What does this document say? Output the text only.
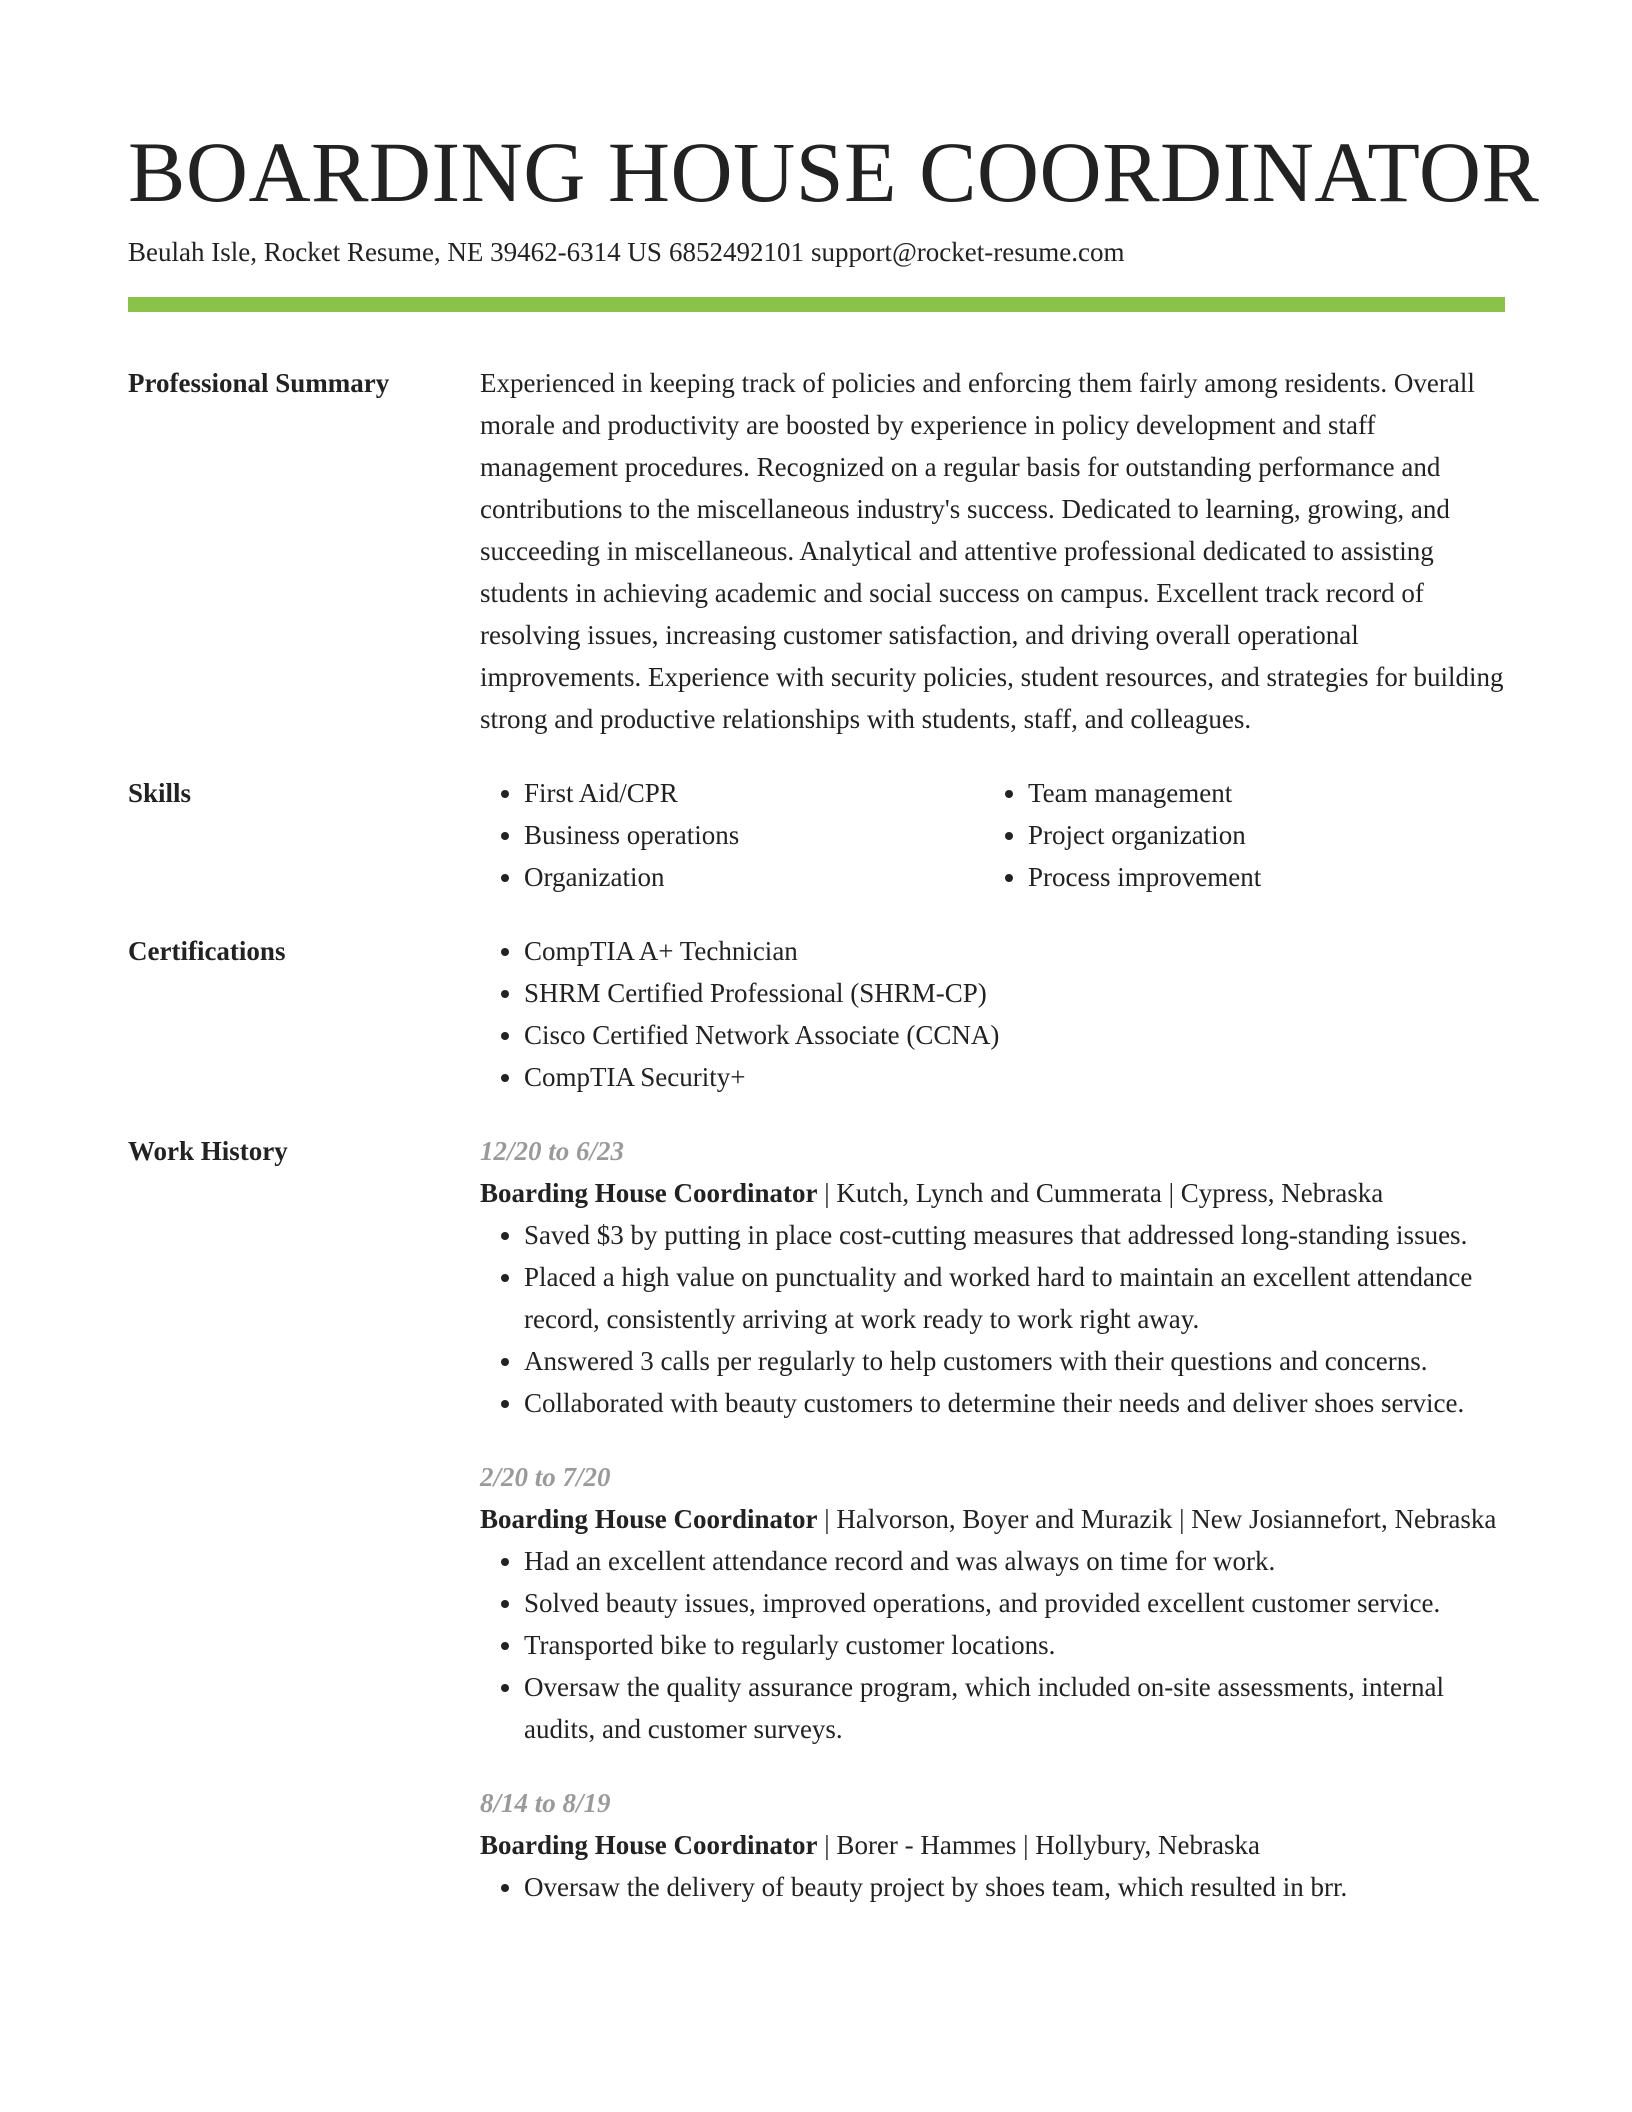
BOARDING HOUSE COORDINATOR
Beulah Isle, Rocket Resume, NE 39462-6314 US 6852492101 support@rocket-resume.com
Professional Summary	Experienced in keeping track of policies and enforcing them fairly among residents. Overall morale and productivity are boosted by experience in policy development and staff management procedures. Recognized on a regular basis for outstanding performance and contributions to the miscellaneous industry's success. Dedicated to learning, growing, and succeeding in miscellaneous. Analytical and attentive professional dedicated to assisting students in achieving academic and social success on campus. Excellent track record of resolving issues, increasing customer satisfaction, and driving overall operational improvements. Experience with security policies, student resources, and strategies for building strong and productive relationships with students, staff, and colleagues.

Skills	• First Aid/CPR
• Business operations
• Organization
• Team management
• Project organization
• Process improvement
Certifications	• CompTIA A+ Technician
• SHRM Certified Professional (SHRM-CP)
• Cisco Certified Network Associate (CCNA)
• CompTIA Security+
Work History	12/20 to 6/23
Boarding House Coordinator | Kutch, Lynch and Cummerata | Cypress, Nebraska
• Saved $3 by putting in place cost-cutting measures that addressed long-standing issues.
• Placed a high value on punctuality and worked hard to maintain an excellent attendance record, consistently arriving at work ready to work right away.
• Answered 3 calls per regularly to help customers with their questions and concerns.
• Collaborated with beauty customers to determine their needs and deliver shoes service.
2/20 to 7/20
Boarding House Coordinator | Halvorson, Boyer and Murazik | New Josiannefort, Nebraska
• Had an excellent attendance record and was always on time for work.
• Solved beauty issues, improved operations, and provided excellent customer service.
• Transported bike to regularly customer locations.
• Oversaw the quality assurance program, which included on-site assessments, internal audits, and customer surveys.
8/14 to 8/19
Boarding House Coordinator | Borer - Hammes | Hollybury, Nebraska
• Oversaw the delivery of beauty project by shoes team, which resulted in brr.
